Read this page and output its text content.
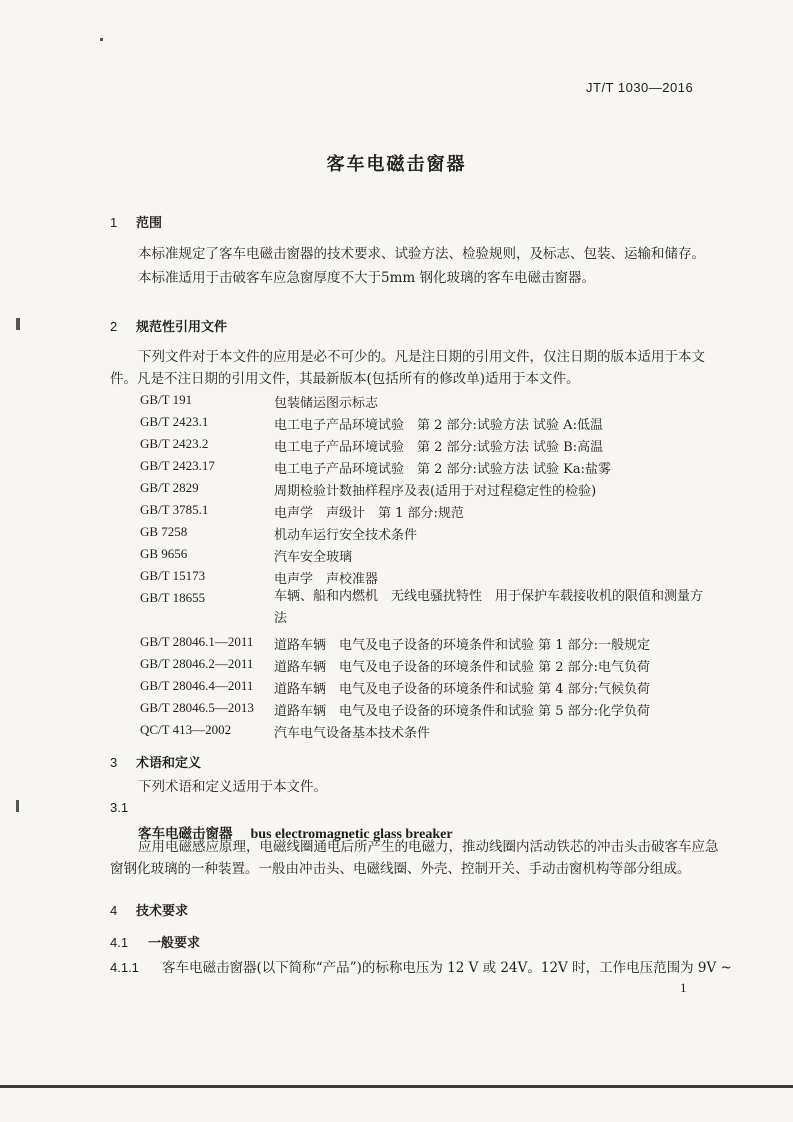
JT/T 1030—2016
客车电磁击窗器
1 范围
本标准规定了客车电磁击窗器的技术要求、试验方法、检验规则，及标志、包装、运输和储存。
本标准适用于击破客车应急窗厚度不大于5mm 钢化玻璃的客车电磁击窗器。
2 规范性引用文件
下列文件对于本文件的应用是必不可少的。凡是注日期的引用文件，仅注日期的版本适用于本文
件。凡是不注日期的引用文件，其最新版本(包括所有的修改单)适用于本文件。
GB/T 191	包装储运图示标志
GB/T 2423.1	电工电子产品环境试验　第 2 部分:试验方法 试验 A:低温
GB/T 2423.2	电工电子产品环境试验　第 2 部分:试验方法 试验 B:高温
GB/T 2423.17	电工电子产品环境试验　第 2 部分:试验方法 试验 Ka:盐雾
GB/T 2829	周期检验计数抽样程序及表(适用于对过程稳定性的检验)
GB/T 3785.1	电声学　声级计　第 1 部分:规范
GB 7258	机动车运行安全技术条件
GB 9656	汽车安全玻璃
GB/T 15173	电声学　声校准器
GB/T 18655	车辆、船和内燃机　无线电骚扰特性　用于保护车载接收机的限值和测量方法
GB/T 28046.1—2011 道路车辆　电气及电子设备的环境条件和试验 第 1 部分:一般规定
GB/T 28046.2—2011 道路车辆　电气及电子设备的环境条件和试验 第 2 部分:电气负荷
GB/T 28046.4—2011 道路车辆　电气及电子设备的环境条件和试验 第 4 部分:气候负荷
GB/T 28046.5—2013 道路车辆　电气及电子设备的环境条件和试验 第 5 部分:化学负荷
QC/T 413—2002	汽车电气设备基本技术条件
3 术语和定义
下列术语和定义适用于本文件。
3.1
客车电磁击窗器 bus electromagnetic glass breaker
应用电磁感应原理，电磁线圈通电后所产生的电磁力，推动线圈内活动铁芯的冲击头击破客车应急
窗钢化玻璃的一种装置。一般由冲击头、电磁线圈、外壳、控制开关、手动击窗机构等部分组成。
4 技术要求
4.1 一般要求
4.1.1 客车电磁击窗器(以下简称“产品”)的标称电压为 12 V 或 24V。12V 时，工作电压范围为 9V ~
1
